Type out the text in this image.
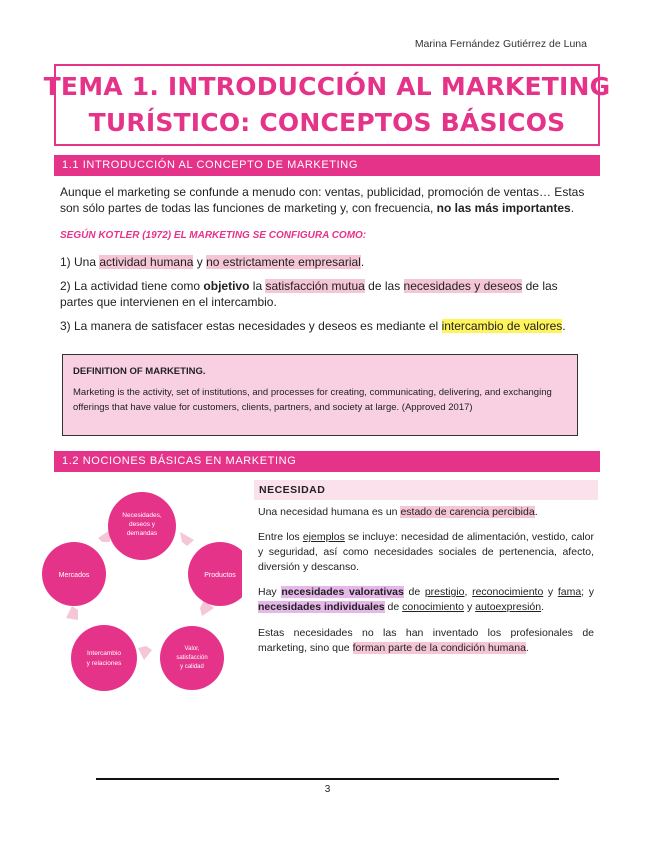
Marina Fernández Gutiérrez de Luna
TEMA 1. INTRODUCCIÓN AL MARKETING
TURÍSTICO: CONCEPTOS BÁSICOS
1.1 INTRODUCCIÓN AL CONCEPTO DE MARKETING
Aunque el marketing se confunde a menudo con: ventas, publicidad, promoción de ventas… Estas son sólo partes de todas las funciones de marketing y, con frecuencia, no las más importantes.
SEGÚN KOTLER (1972) EL MARKETING SE CONFIGURA COMO:
1) Una actividad humana y no estrictamente empresarial.
2) La actividad tiene como objetivo la satisfacción mutua de las necesidades y deseos de las partes que intervienen en el intercambio.
3) La manera de satisfacer estas necesidades y deseos es mediante el intercambio de valores.
DEFINITION OF MARKETING.
Marketing is the activity, set of institutions, and processes for creating, communicating, delivering, and exchanging offerings that have value for customers, clients, partners, and society at large. (Approved 2017)
1.2 NOCIONES BÁSICAS EN MARKETING
Necesidades,
deseos y
demandas
Productos
Valor,
satisfacción
y calidad
Intercambio
y relaciones
Mercados
NECESIDAD
Una necesidad humana es un estado de carencia percibida.
Entre los ejemplos se incluye: necesidad de alimentación, vestido, calor y seguridad, así como necesidades sociales de pertenencia, afecto, diversión y descanso.
Hay necesidades valorativas de prestigio, reconocimiento y fama; y necesidades individuales de conocimiento y autoexpresión.
Estas necesidades no las han inventado los profesionales de marketing, sino que forman parte de la condición humana.
3
